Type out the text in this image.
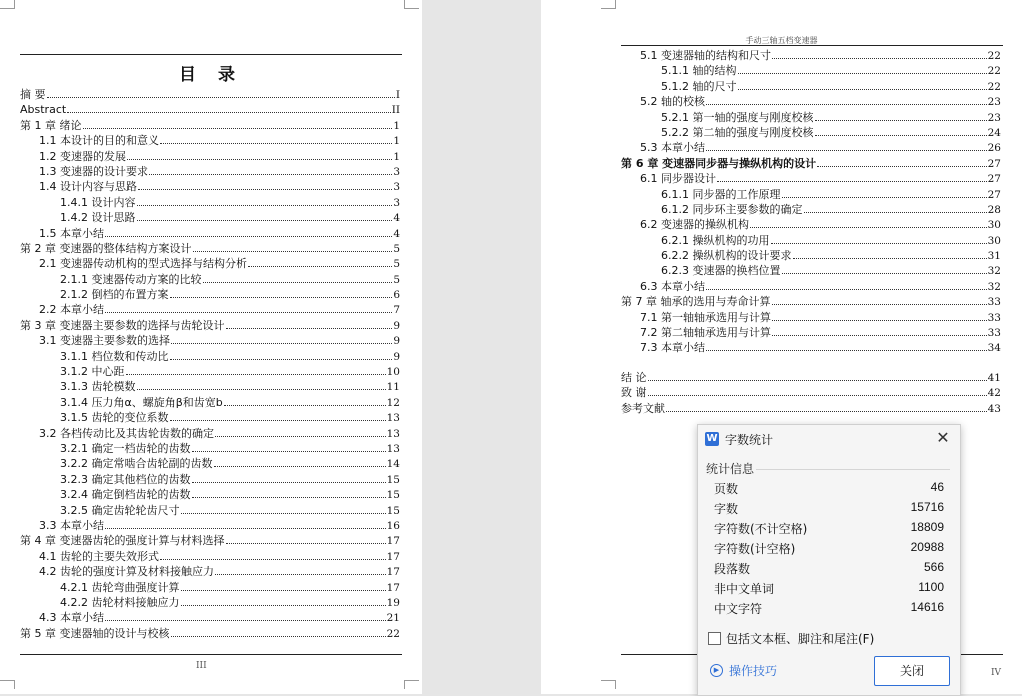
目 录
摘 要	I
Abstract	II
第 1 章 绪论	1
1.1 本设计的目的和意义	1
1.2 变速器的发展	1
1.3 变速器的设计要求	3
1.4 设计内容与思路	3
1.4.1 设计内容	3
1.4.2 设计思路	4
1.5 本章小结	4
第 2 章 变速器的整体结构方案设计	5
2.1 变速器传动机构的型式选择与结构分析	5
2.1.1 变速器传动方案的比较	5
2.1.2 倒档的布置方案	6
2.2 本章小结	7
第 3 章 变速器主要参数的选择与齿轮设计	9
3.1 变速器主要参数的选择	9
3.1.1 档位数和传动比	9
3.1.2 中心距	10
3.1.3 齿轮模数	11
3.1.4 压力角α、螺旋角β和齿宽b	12
3.1.5 齿轮的变位系数	13
3.2 各档传动比及其齿轮齿数的确定	13
3.2.1 确定一档齿轮的齿数	13
3.2.2 确定常啮合齿轮副的齿数	14
3.2.3 确定其他档位的齿数	15
3.2.4 确定倒档齿轮的齿数	15
3.2.5 确定齿轮轮齿尺寸	15
3.3 本章小结	16
第 4 章 变速器齿轮的强度计算与材料选择	17
4.1 齿轮的主要失效形式	17
4.2 齿轮的强度计算及材料接触应力	17
4.2.1 齿轮弯曲强度计算	17
4.2.2 齿轮材料接触应力	19
4.3 本章小结	21
第 5 章 变速器轴的设计与校核	22
III
手动三轴五档变速器
5.1 变速器轴的结构和尺寸	22
5.1.1 轴的结构	22
5.1.2 轴的尺寸	22
5.2 轴的校核	23
5.2.1 第一轴的强度与刚度校核	23
5.2.2 第二轴的强度与刚度校核	24
5.3 本章小结	26
第 6 章 变速器同步器与操纵机构的设计	27
6.1 同步器设计	27
6.1.1 同步器的工作原理	27
6.1.2 同步环主要参数的确定	28
6.2 变速器的操纵机构	30
6.2.1 操纵机构的功用	30
6.2.2 操纵机构的设计要求	31
6.2.3 变速器的换档位置	32
6.3 本章小结	32
第 7 章 轴承的选用与寿命计算	33
7.1 第一轴轴承选用与计算	33
7.2 第二轴轴承选用与计算	33
7.3 本章小结	34
结 论	41
致 谢	42
参考文献	43
IV
W 字数统计	✕
统计信息
页数	46
字数	15716
字符数(不计空格)	18809
字符数(计空格)	20988
段落数	566
非中文单词	1100
中文字符	14616
包括文本框、脚注和尾注(F)
▶ 操作技巧	关闭
